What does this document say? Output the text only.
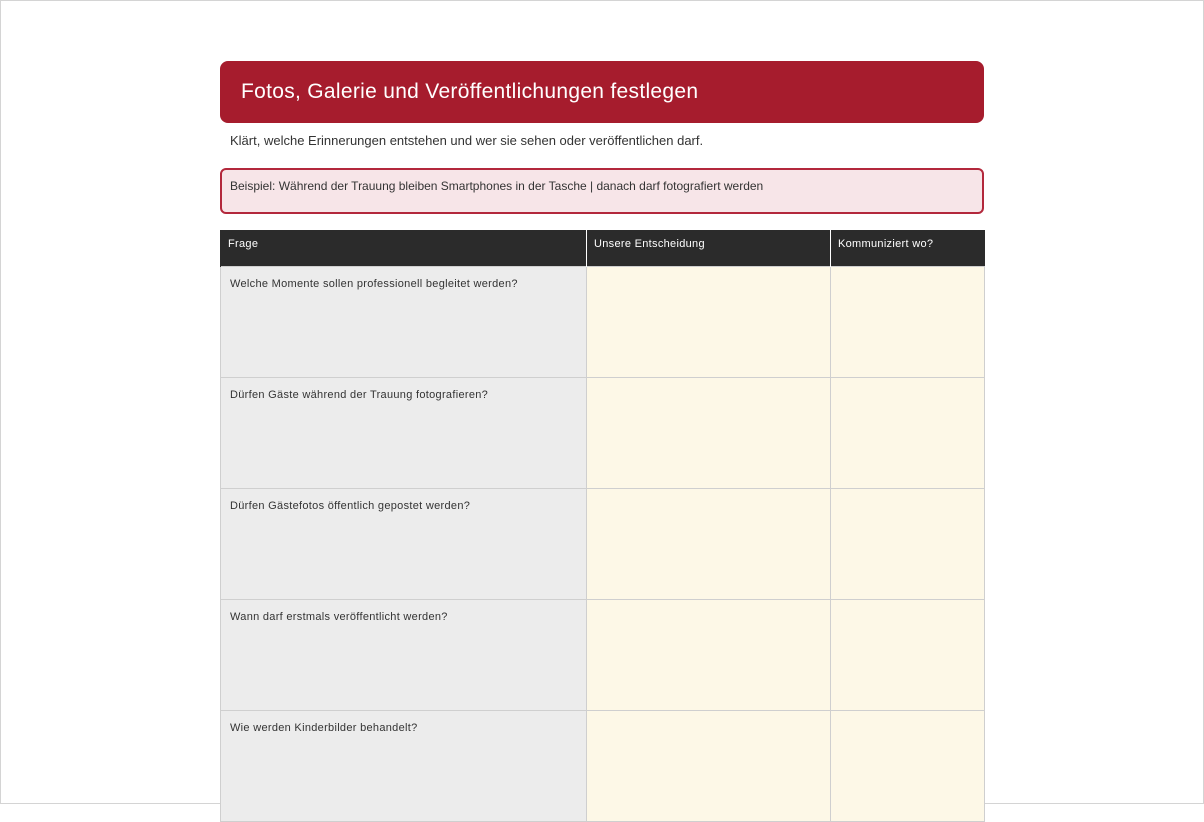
Fotos, Galerie und Veröffentlichungen festlegen

Klärt, welche Erinnerungen entstehen und wer sie sehen oder veröffentlichen darf.

Beispiel: Während der Trauung bleiben Smartphones in der Tasche | danach darf fotografiert werden
Frage	Unsere Entscheidung	Kommuniziert wo?
Welche Momente sollen professionell begleitet werden?		
Dürfen Gäste während der Trauung fotografieren?		
Dürfen Gästefotos öffentlich gepostet werden?		
Wann darf erstmals veröffentlicht werden?		
Wie werden Kinderbilder behandelt?		
